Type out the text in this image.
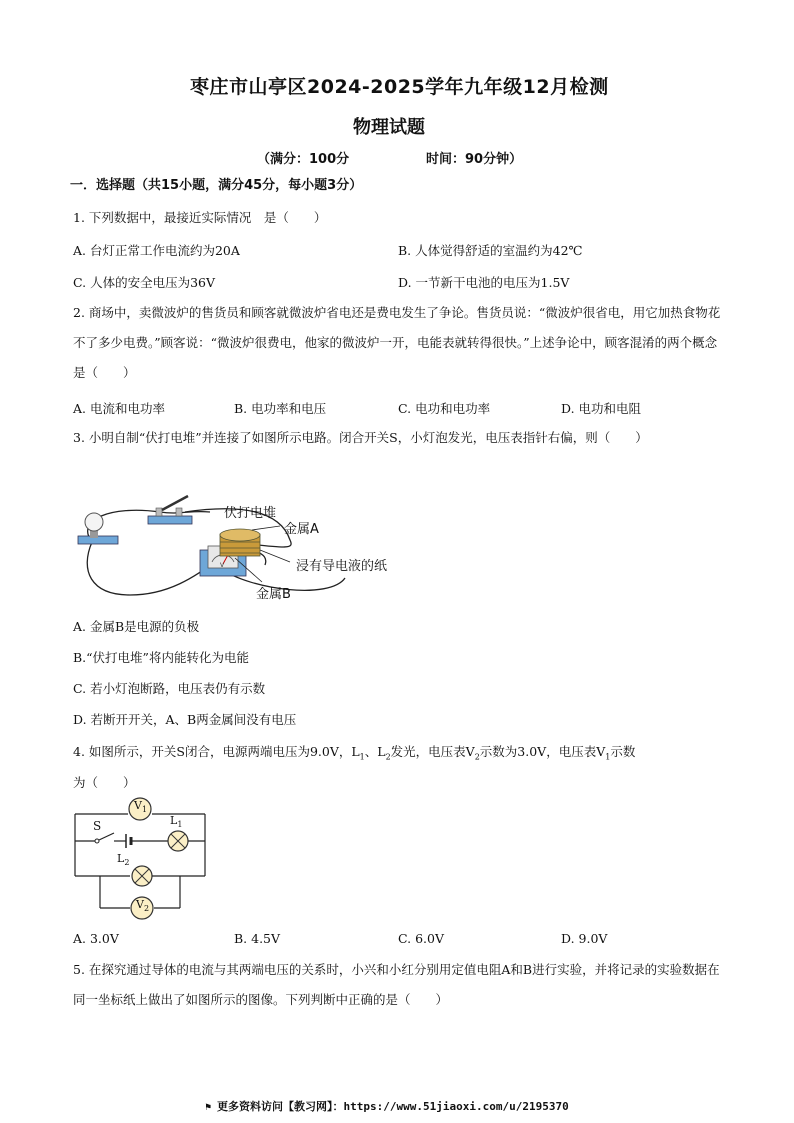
枣庄市山亭区2024-2025学年九年级12月检测
物理试题
（满分：100分	时间：90分钟）
一．选择题（共15小题，满分45分，每小题3分）
1. 下列数据中，最接近实际情况　是（　　）
A. 台灯正常工作电流约为20A	B. 人体觉得舒适的室温约为42℃
C. 人体的安全电压为36V	D. 一节新干电池的电压为1.5V
2. 商场中，卖微波炉的售货员和顾客就微波炉省电还是费电发生了争论。售货员说：“微波炉很省电，用它加热食物花不了多少电费。”顾客说：“微波炉很费电，他家的微波炉一开，电能表就转得很快。”上述争论中，顾客混淆的两个概念是（　　）
A. 电流和电功率	B. 电功率和电压	C. 电功和电功率	D. 电功和电阻
3. 小明自制“伏打电堆”并连接了如图所示电路。闭合开关S，小灯泡发光，电压表指针右偏，则（　　）
V
伏打电堆
金属A
浸有导电液的纸
金属B
A. 金属B是电源的负极
B.“伏打电堆”将内能转化为电能
C. 若小灯泡断路，电压表仍有示数
D. 若断开开关，A、B两金属间没有电压
4. 如图所示，开关S闭合，电源两端电压为9.0V，$L_1$、$L_2$发光，电压表$V_2$示数为3.0V，电压表$V_1$示数
为（　　）
$V_1$
S	$L_1$
$L_2$
$V_2$
A. 3.0V	B. 4.5V	C. 6.0V	D. 9.0V
5. 在探究通过导体的电流与其两端电压的关系时，小兴和小红分别用定值电阻A和B进行实验，并将记录的实验数据在同一坐标纸上做出了如图所示的图像。下列判断中正确的是（　　）
⚑ 更多资料访问【教习网】：https://www.51jiaoxi.com/u/2195370
